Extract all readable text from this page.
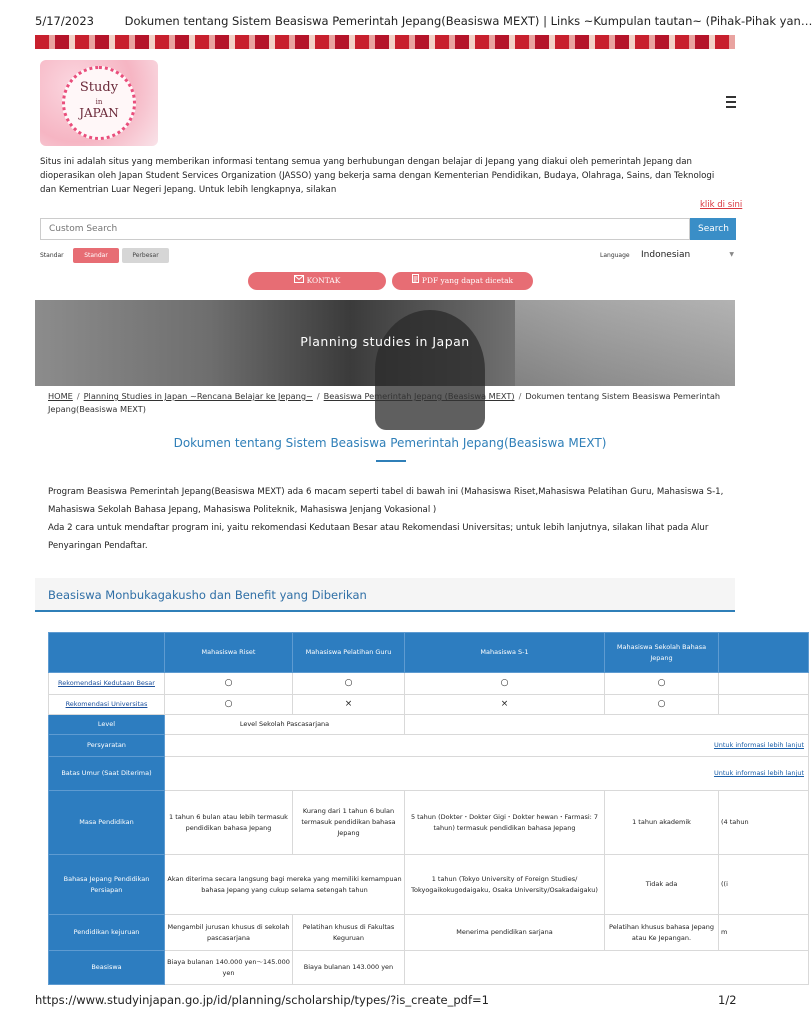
5/17/2023	Dokumen tentang Sistem Beasiswa Pemerintah Jepang(Beasiswa MEXT) | Links ~Kumpulan tautan~ (Pihak-Pihak yan…
Study
in
JAPAN
Situs ini adalah situs yang memberikan informasi tentang semua yang berhubungan dengan belajar di Jepang yang diakui oleh pemerintah Jepang dan dioperasikan oleh Japan Student Services Organization (JASSO) yang bekerja sama dengan Kementerian Pendidikan, Budaya, Olahraga, Sains, dan Teknologi dan Kementrian Luar Negeri Jepang. Untuk lebih lengkapnya, silakan
klik di sini
Custom Search
Search
Standar	Standar	Perbesar	Language	Indonesian	▼
KONTAK	PDF yang dapat dicetak
Planning studies in Japan
HOME / Planning Studies in Japan ~Rencana Belajar ke Jepang~ / Beasiswa Pemerintah Jepang (Beasiswa MEXT) / Dokumen tentang Sistem Beasiswa Pemerintah Jepang(Beasiswa MEXT)
Dokumen tentang Sistem Beasiswa Pemerintah Jepang(Beasiswa MEXT)

Program Beasiswa Pemerintah Jepang(Beasiswa MEXT) ada 6 macam seperti tabel di bawah ini (Mahasiswa Riset,Mahasiswa Pelatihan Guru, Mahasiswa S-1, Mahasiswa Sekolah Bahasa Jepang, Mahasiswa Politeknik, Mahasiswa Jenjang Vokasional )

Ada 2 cara untuk mendaftar program ini, yaitu rekomendasi Kedutaan Besar atau Rekomendasi Universitas; untuk lebih lanjutnya, silakan lihat pada Alur Penyaringan Pendaftar.

Beasiswa Monbukagakusho dan Benefit yang Diberikan
	Mahasiswa Riset	Mahasiswa Pelatihan Guru	Mahasiswa S-1	Mahasiswa Sekolah Bahasa Jepang	
Rekomendasi Kedutaan Besar	○	○	○	○	
Rekomendasi Universitas	○	×	×	○	
Level	Level Sekolah Pascasarjana				
Persyaratan	Untuk informasi lebih lanjut				
Batas Umur (Saat Diterima)	Untuk informasi lebih lanjut				
Masa Pendidikan	1 tahun 6 bulan atau lebih termasuk pendidikan bahasa Jepang	Kurang dari 1 tahun 6 bulan termasuk pendidikan bahasa Jepang	5 tahun (Dokter・Dokter Gigi・Dokter hewan・Farmasi: 7 tahun) termasuk pendidikan bahasa Jepang	1 tahun akademik	(4 tahun
Bahasa Jepang Pendidikan Persiapan	Akan diterima secara langsung bagi mereka yang memiliki kemampuan bahasa Jepang yang cukup selama setengah tahun		1 tahun (Tokyo University of Foreign Studies/ Tokyogaikokugodaigaku, Osaka University/Osakadaigaku)	Tidak ada	((i
Pendidikan kejuruan	Mengambil jurusan khusus di sekolah pascasarjana	Pelatihan khusus di Fakultas Keguruan	Menerima pendidikan sarjana	Pelatihan khusus bahasa Jepang atau Ke Jepangan.	m
Beasiswa	Biaya bulanan 140.000 yen～145.000 yen	Biaya bulanan 143.000 yen			
https://www.studyinjapan.go.jp/id/planning/scholarship/types/?is_create_pdf=1	1/2
